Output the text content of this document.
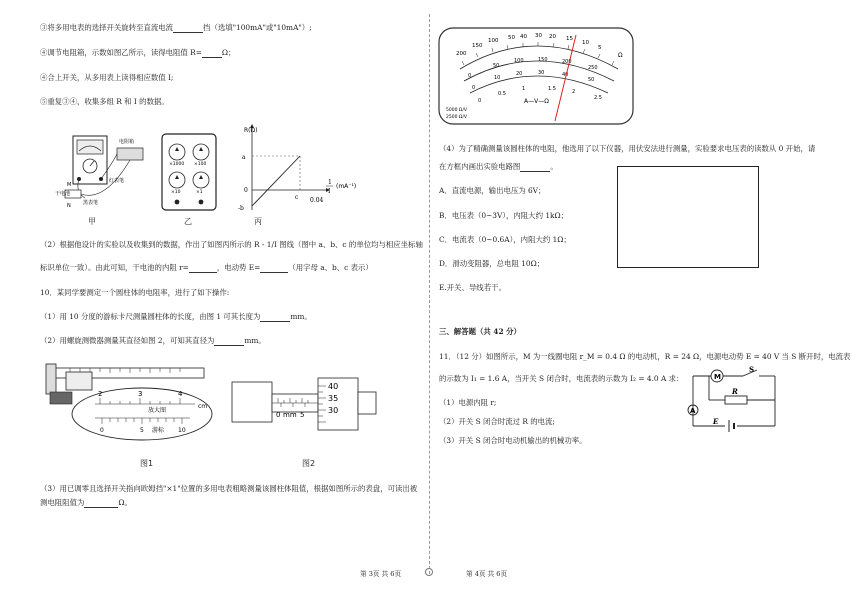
③将多用电表的选择开关旋转至直流电流	挡（选填"100mA"或"10mA"）;
④调节电阻箱，示数如图乙所示，读得电阻值 R=	Ω；
④合上开关，从多用表上读得相应数值 I;
⑤重复③④，收集多组 R 和 I 的数据。
M
N
干电池
红表笔
电阻箱
黑表笔
甲
×1000 ×100
×10	×1
乙
R(Ω)
a
0
-b
c 0.04
1
I
(mA⁻¹)
丙
（2）根据他设计的实验以及收集到的数据，作出了如图丙所示的 R - 1/I 图线（图中 a、b、c 的单位均与相应坐标轴
标识单位一致）。由此可知，干电池的内阻 r=	，电动势 E=	（用字母 a、b、c 表示）
10．某同学要测定一个圆柱体的电阻率，进行了如下操作:
（1）用 10 分度的游标卡尺测量圆柱体的长度，由图 1 可其长度为	mm。
（2）用螺旋测微器测量其直径如图 2，可知其直径为	mm。
2	3	4
放大图
cm
0	5	10
游标
图1
40
35
30
0	5
mm
图2
（3）用已调零且选择开关指向欧姆挡"×1"位置的多用电表粗略测量该圆柱体阻值，根据如图所示的表盘，可读出被
测电阻阻值为	Ω。
200
150
100 50 40 30 20 15
10
5
Ω
0
50
100	150	200
250
0
10
20	30	40
50
0
0.5
1	1.5	2
2.5
A—V—Ω
5000 Ω/V
2500 Ω/V
（4）为了精确测量该圆柱体的电阻，他选用了以下仪器，用伏安法进行测量，实验要求电压表的读数从 0 开始，请
在方框内画出实验电路图	。
A．直流电源，输出电压为 6V；
B．电压表（0~3V），内阻大约 1kΩ；
C．电流表（0~0.6A），内阻大约 1Ω；
D．滑动变阻器，总电阻 10Ω；
E.开关、导线若干。
三、解答题（共 42 分）
11．（12 分）如图所示，M 为一线圈电阻 r_M = 0.4 Ω 的电动机，R = 24 Ω，电源电动势 E = 40 V 当 S 断开时，电流表
的示数为 I₁ = 1.6 A，当开关 S 闭合时，电流表的示数为 I₂ = 4.0 A 求：
（1）电源内阻 r;
（2）开关 S 闭合时流过 R 的电流;
（3）开关 S 闭合时电动机输出的机械功率。
M
S
A
R
E
第 3页 共 6页	第 4页 共 6页
